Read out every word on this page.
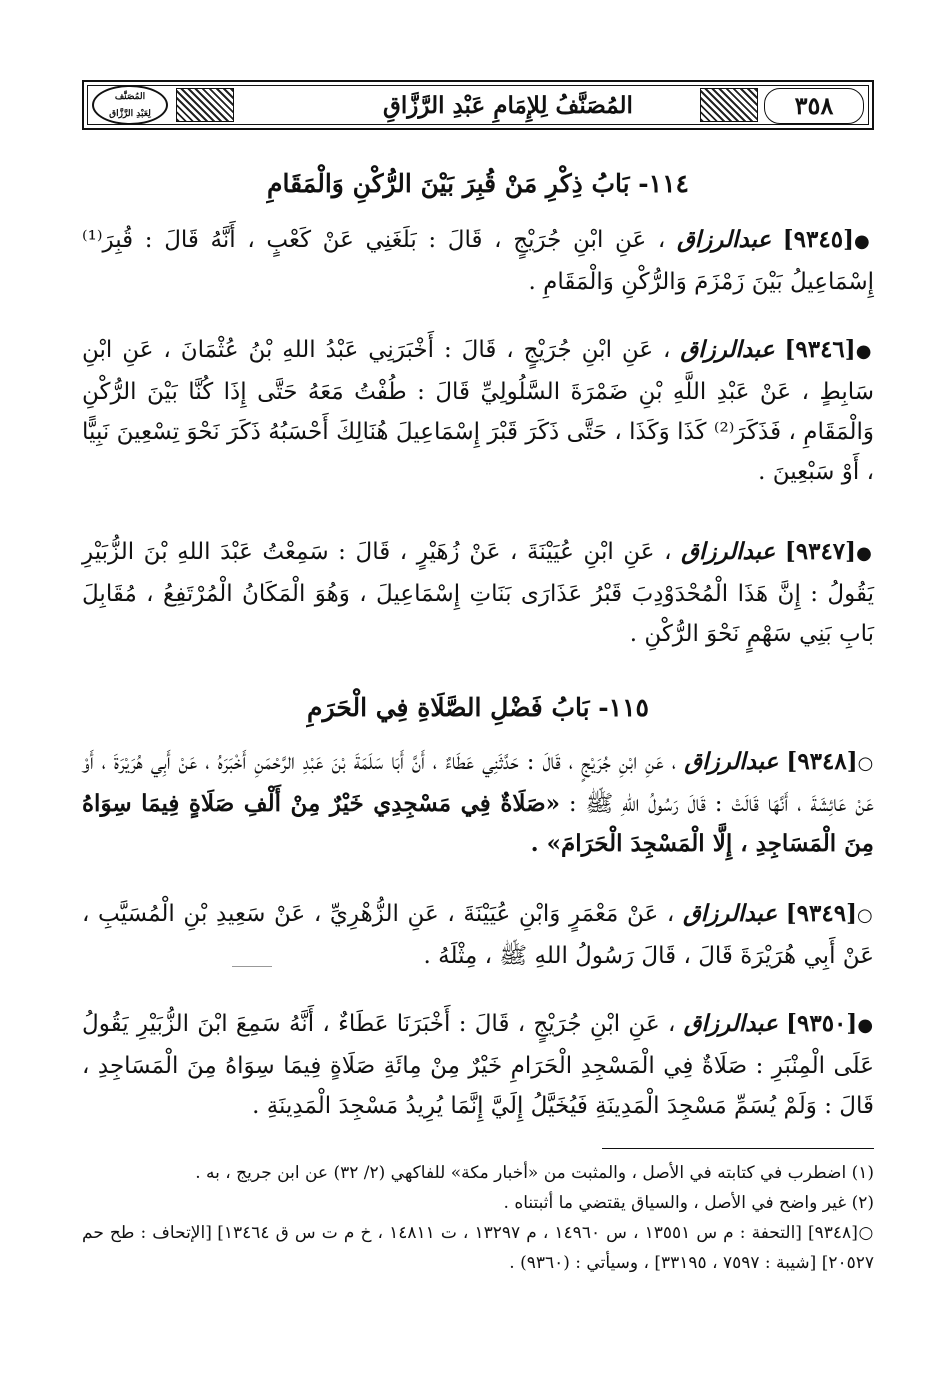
٣٥٨
المُصَنَّفُ لِلإِمَامِ عَبْدِ الرَّزَّاقِ
المُصَنَّف
لِعَبْدِ الرَّزَّاق
١١٤- بَابُ ذِكْرِ مَنْ قُبِرَ بَيْنَ الرُّكْنِ وَالْمَقَامِ

●[٩٣٤٥] عبدالرزاق ، عَنِ ابْنِ جُرَيْجٍ ، قَالَ : بَلَغَنِي عَنْ كَعْبٍ ، أَنَّهُ قَالَ : قُبِرَ⁽¹⁾ إِسْمَاعِيلُ بَيْنَ زَمْزَمَ وَالرُّكْنِ وَالْمَقَامِ .

●[٩٣٤٦] عبدالرزاق ، عَنِ ابْنِ جُرَيْجٍ ، قَالَ : أَخْبَرَنِي عَبْدُ اللهِ بْنُ عُثْمَانَ ، عَنِ ابْنِ سَابِطٍ ، عَنْ عَبْدِ اللَّهِ بْنِ ضَمْرَةَ السَّلُولِيِّ قَالَ : طُفْتُ مَعَهُ حَتَّى إِذَا كُنَّا بَيْنَ الرُّكْنِ وَالْمَقَامِ ، فَذَكَرَ⁽²⁾ كَذَا وَكَذَا ، حَتَّى ذَكَرَ قَبْرَ إِسْمَاعِيلَ هُنَالِكَ أَحْسَبُهُ ذَكَرَ نَحْوَ تِسْعِينَ نَبِيًّا ، أَوْ سَبْعِينَ .

●[٩٣٤٧] عبدالرزاق ، عَنِ ابْنِ عُيَيْنَةَ ، عَنْ زُهَيْرٍ ، قَالَ : سَمِعْتُ عَبْدَ اللهِ بْنَ الزُّبَيْرِ يَقُولُ : إِنَّ هَذَا الْمُحْدَوْدِبَ قَبْرُ عَذَارَى بَنَاتِ إِسْمَاعِيلَ ، وَهُوَ الْمَكَانُ الْمُرْتَفِعُ ، مُقَابِلَ بَابِ بَنِي سَهْمٍ نَحْوَ الرُّكْنِ .

١١٥- بَابُ فَضْلِ الصَّلَاةِ فِي الْحَرَمِ

○[٩٣٤٨] عبدالرزاق ، عَنِ ابْنِ جُرَيْجٍ ، قَالَ : حَدَّثَنِي عَطَاءٌ ، أَنَّ أَبَا سَلَمَةَ بْنَ عَبْدِ الرَّحْمَنِ أَخْبَرَهُ ، عَنْ أَبِي هُرَيْرَةَ ، أَوْ عَنْ عَائِشَةَ ، أَنَّهَا قَالَتْ : قَالَ رَسُولُ اللهِ ﷺ : «صَلَاةٌ فِي مَسْجِدِي خَيْرٌ مِنْ أَلْفِ صَلَاةٍ فِيمَا سِوَاهُ مِنَ الْمَسَاجِدِ ، إِلَّا الْمَسْجِدَ الْحَرَامَ» .

○[٩٣٤٩] عبدالرزاق ، عَنْ مَعْمَرٍ وَابْنِ عُيَيْنَةَ ، عَنِ الزُّهْرِيِّ ، عَنْ سَعِيدِ بْنِ الْمُسَيَّبِ ، عَنْ أَبِي هُرَيْرَةَ قَالَ ، قَالَ رَسُولُ اللهِ ﷺ ، مِثْلَهُ .

●[٩٣٥٠] عبدالرزاق ، عَنِ ابْنِ جُرَيْجٍ ، قَالَ : أَخْبَرَنَا عَطَاءٌ ، أَنَّهُ سَمِعَ ابْنَ الزُّبَيْرِ يَقُولُ عَلَى الْمِنْبَرِ : صَلَاةٌ فِي الْمَسْجِدِ الْحَرَامِ خَيْرٌ مِنْ مِائَةِ صَلَاةٍ فِيمَا سِوَاهُ مِنَ الْمَسَاجِدِ ، قَالَ : وَلَمْ يُسَمِّ مَسْجِدَ الْمَدِينَةِ فَيُخَيَّلُ إِلَيَّ إِنَّمَا يُرِيدُ مَسْجِدَ الْمَدِينَةِ .

(١) اضطرب في كتابته في الأصل ، والمثبت من «أخبار مكة» للفاكهي (٢/ ٣٢) عن ابن جريج ، به .

(٢) غير واضح في الأصل ، والسياق يقتضي ما أثبتناه .

○[٩٣٤٨] [التحفة : م س ١٣٥٥١ ، س ١٤٩٦٠ ، م ١٣٢٩٧ ، ت ١٤٨١١ ، خ م ت س ق ١٣٤٦٤] [الإتحاف : طح حم ٢٠٥٢٧] [شيبة : ٧٥٩٧ ، ٣٣١٩٥] ، وسيأتي : (٩٣٦٠) .
